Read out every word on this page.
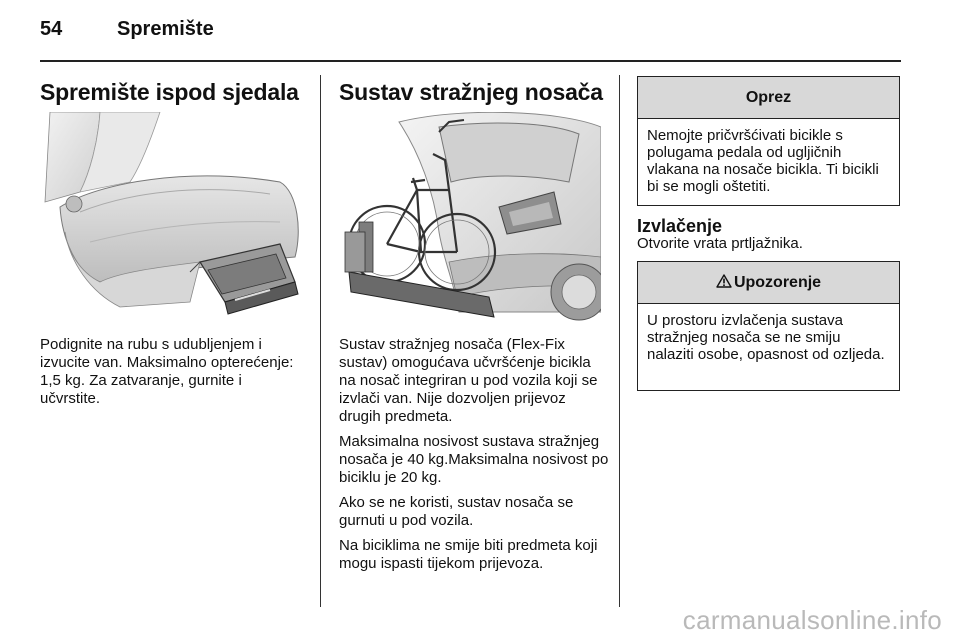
54	Spremište
Spremište ispod sjedala

Podignite na rubu s udubljenjem i izvucite van. Maksimalno opterećenje: 1,5 kg. Za zatvaranje, gurnite i učvrstite.

Sustav stražnjeg nosača

Sustav stražnjeg nosača (Flex-Fix sustav) omogućava učvršćenje bicikla na nosač integriran u pod vozila koji se izvlači van. Nije dozvoljen prijevoz drugih predmeta.

Maksimalna nosivost sustava stražnjeg nosača je 40 kg.Maksimalna nosivost po biciklu je 20 kg.

Ako se ne koristi, sustav nosača se gurnuti u pod vozila.

Na biciklima ne smije biti predmeta koji mogu ispasti tijekom prijevoza.

Oprez
Nemojte pričvršćivati bicikle s polugama pedala od ugljičnih vlakana na nosače bicikla. Ti bicikli bi se mogli oštetiti.
Izvlačenje
Otvorite vrata prtljažnika.
Upozorenje
U prostoru izvlačenja sustava stražnjeg nosača se ne smiju nalaziti osobe, opasnost od ozljeda.
carmanualsonline.info
